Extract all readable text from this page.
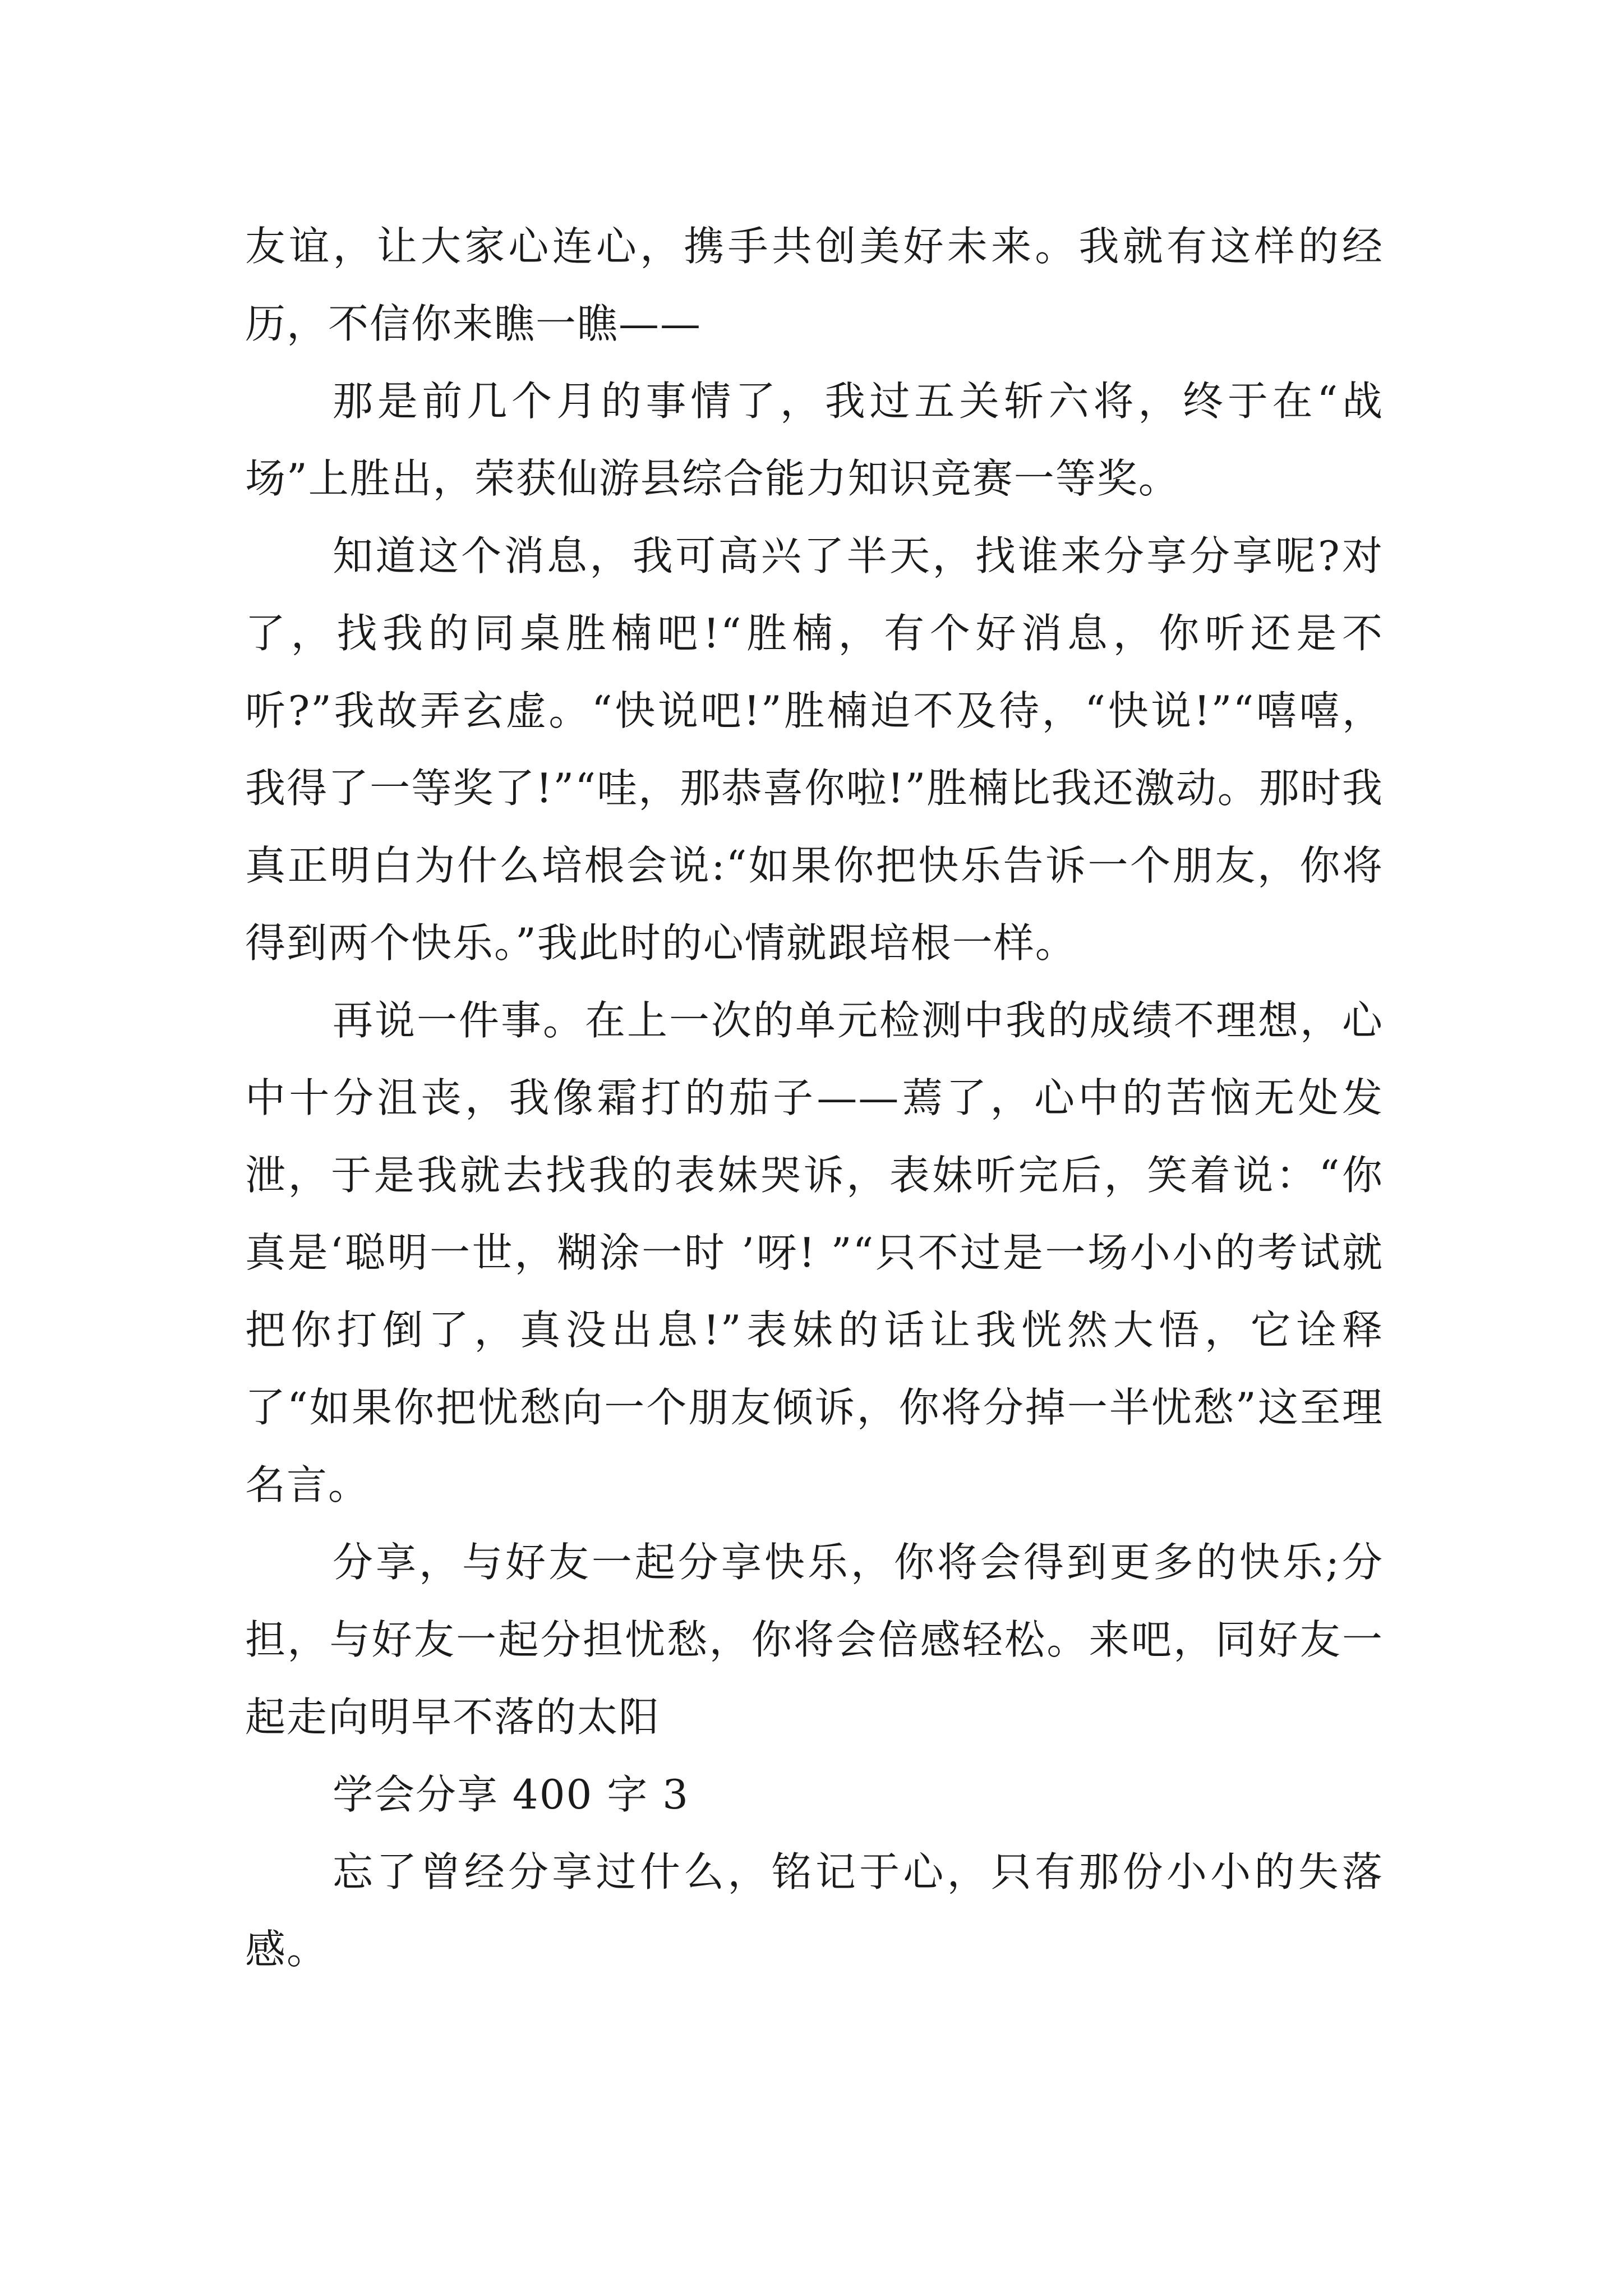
友谊，让大家心连心，携手共创美好未来。我就有这样的经历，不信你来瞧一瞧——

那是前几个月的事情了，我过五关斩六将，终于在“战场”上胜出，荣获仙游县综合能力知识竞赛一等奖。

知道这个消息，我可高兴了半天，找谁来分享分享呢?对了，找我的同桌胜楠吧!“胜楠，有个好消息，你听还是不听?”我故弄玄虚。“快说吧!”胜楠迫不及待，“快说!”“嘻嘻，我得了一等奖了!”“哇，那恭喜你啦!”胜楠比我还激动。那时我真正明白为什么培根会说:“如果你把快乐告诉一个朋友，你将得到两个快乐。”我此时的心情就跟培根一样。

再说一件事。在上一次的单元检测中我的成绩不理想，心中十分沮丧，我像霜打的茄子——蔫了，心中的苦恼无处发泄，于是我就去找我的表妹哭诉，表妹听完后，笑着说：“你真是‘聪明一世，糊涂一时 ’呀! ”“只不过是一场小小的考试就把你打倒了，真没出息!”表妹的话让我恍然大悟，它诠释了“如果你把忧愁向一个朋友倾诉，你将分掉一半忧愁”这至理名言。

分享，与好友一起分享快乐，你将会得到更多的快乐;分担，与好友一起分担忧愁，你将会倍感轻松。来吧，同好友一起走向明早不落的太阳

学会分享 400 字 3

忘了曾经分享过什么，铭记于心，只有那份小小的失落感。
